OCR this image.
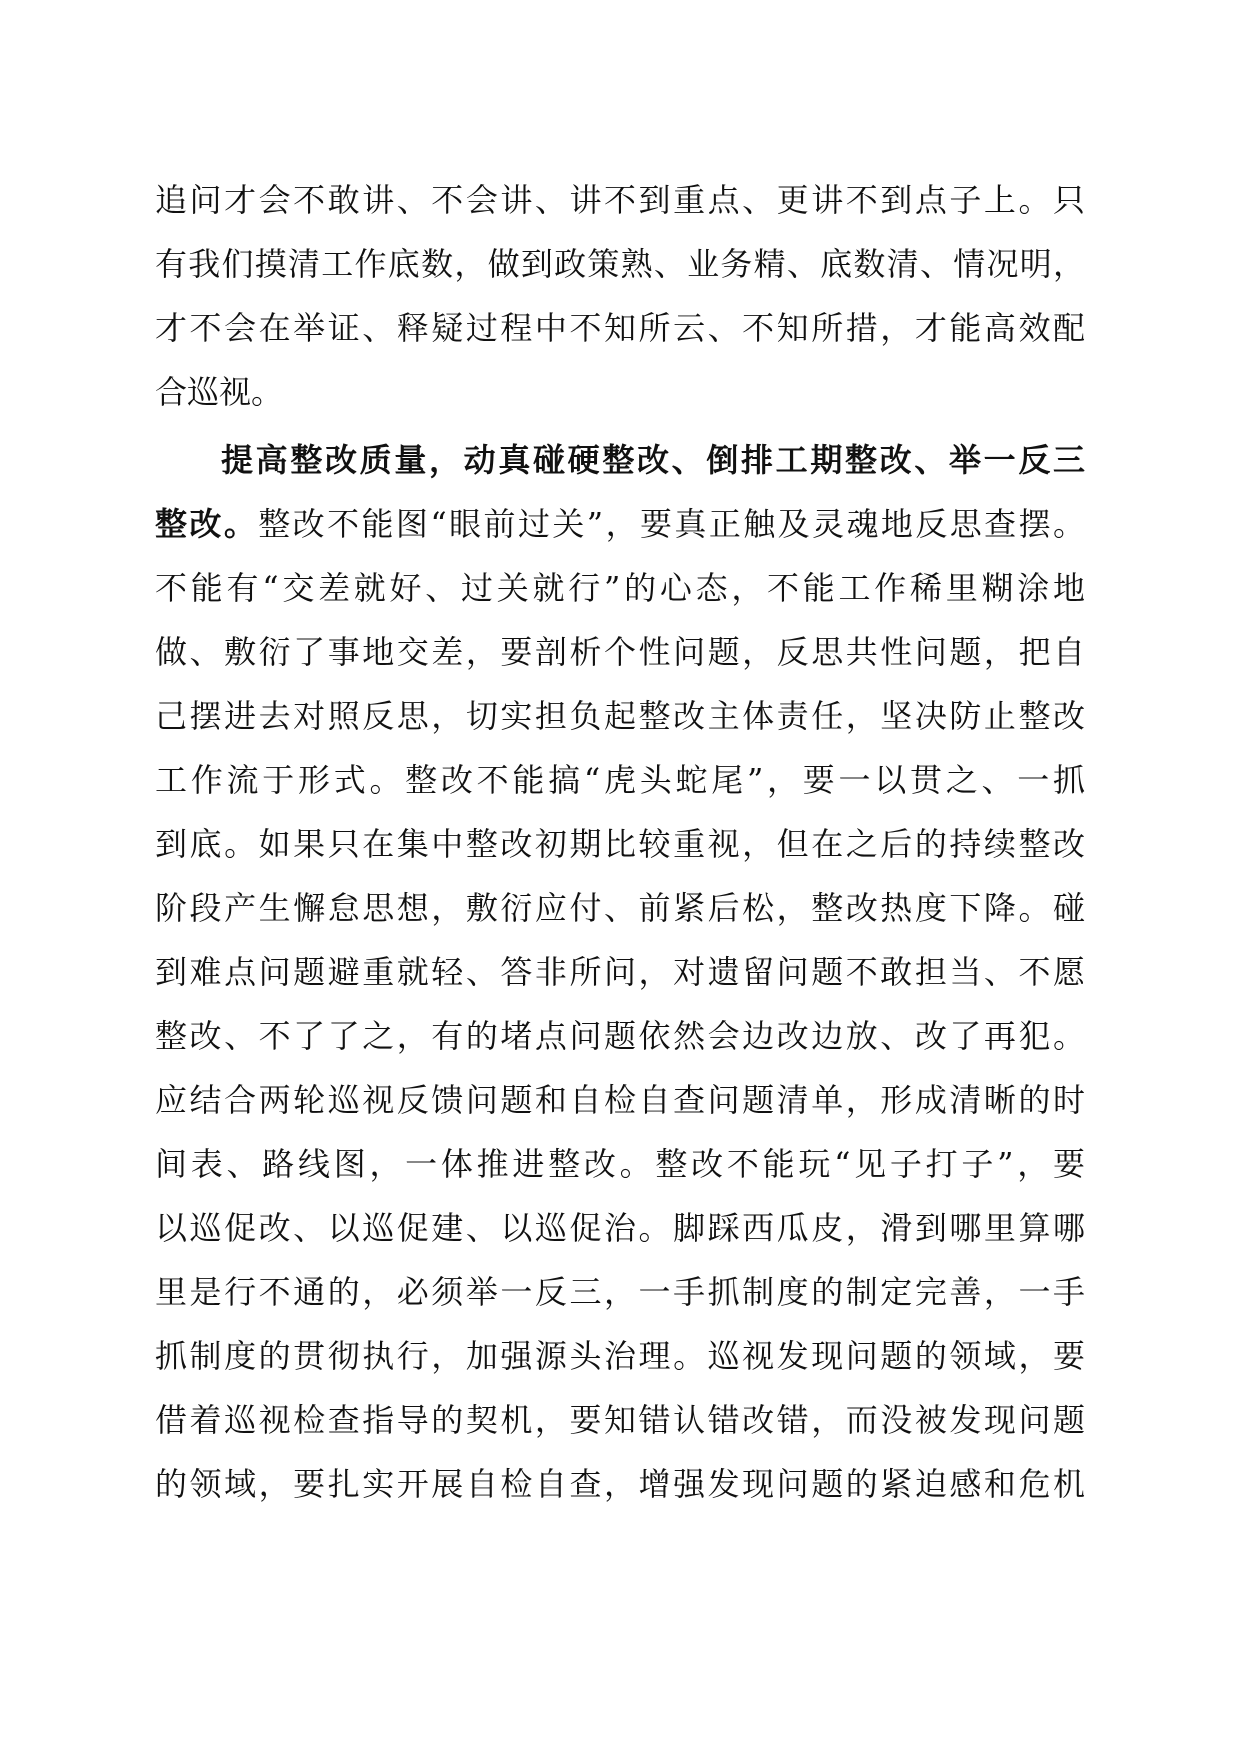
追问才会不敢讲、不会讲、讲不到重点、更讲不到点子上。只
有我们摸清工作底数，做到政策熟、业务精、底数清、情况明，
才不会在举证、释疑过程中不知所云、不知所措，才能高效配
合巡视。
提高整改质量，动真碰硬整改、倒排工期整改、举一反三
整改。整改不能图“眼前过关”，要真正触及灵魂地反思查摆。
不能有“交差就好、过关就行”的心态，不能工作稀里糊涂地
做、敷衍了事地交差，要剖析个性问题，反思共性问题，把自
己摆进去对照反思，切实担负起整改主体责任，坚决防止整改
工作流于形式。整改不能搞“虎头蛇尾”，要一以贯之、一抓
到底。如果只在集中整改初期比较重视，但在之后的持续整改
阶段产生懈怠思想，敷衍应付、前紧后松，整改热度下降。碰
到难点问题避重就轻、答非所问，对遗留问题不敢担当、不愿
整改、不了了之，有的堵点问题依然会边改边放、改了再犯。
应结合两轮巡视反馈问题和自检自查问题清单，形成清晰的时
间表、路线图，一体推进整改。整改不能玩“见子打子”，要
以巡促改、以巡促建、以巡促治。脚踩西瓜皮，滑到哪里算哪
里是行不通的，必须举一反三，一手抓制度的制定完善，一手
抓制度的贯彻执行，加强源头治理。巡视发现问题的领域，要
借着巡视检查指导的契机，要知错认错改错，而没被发现问题
的领域，要扎实开展自检自查，增强发现问题的紧迫感和危机
